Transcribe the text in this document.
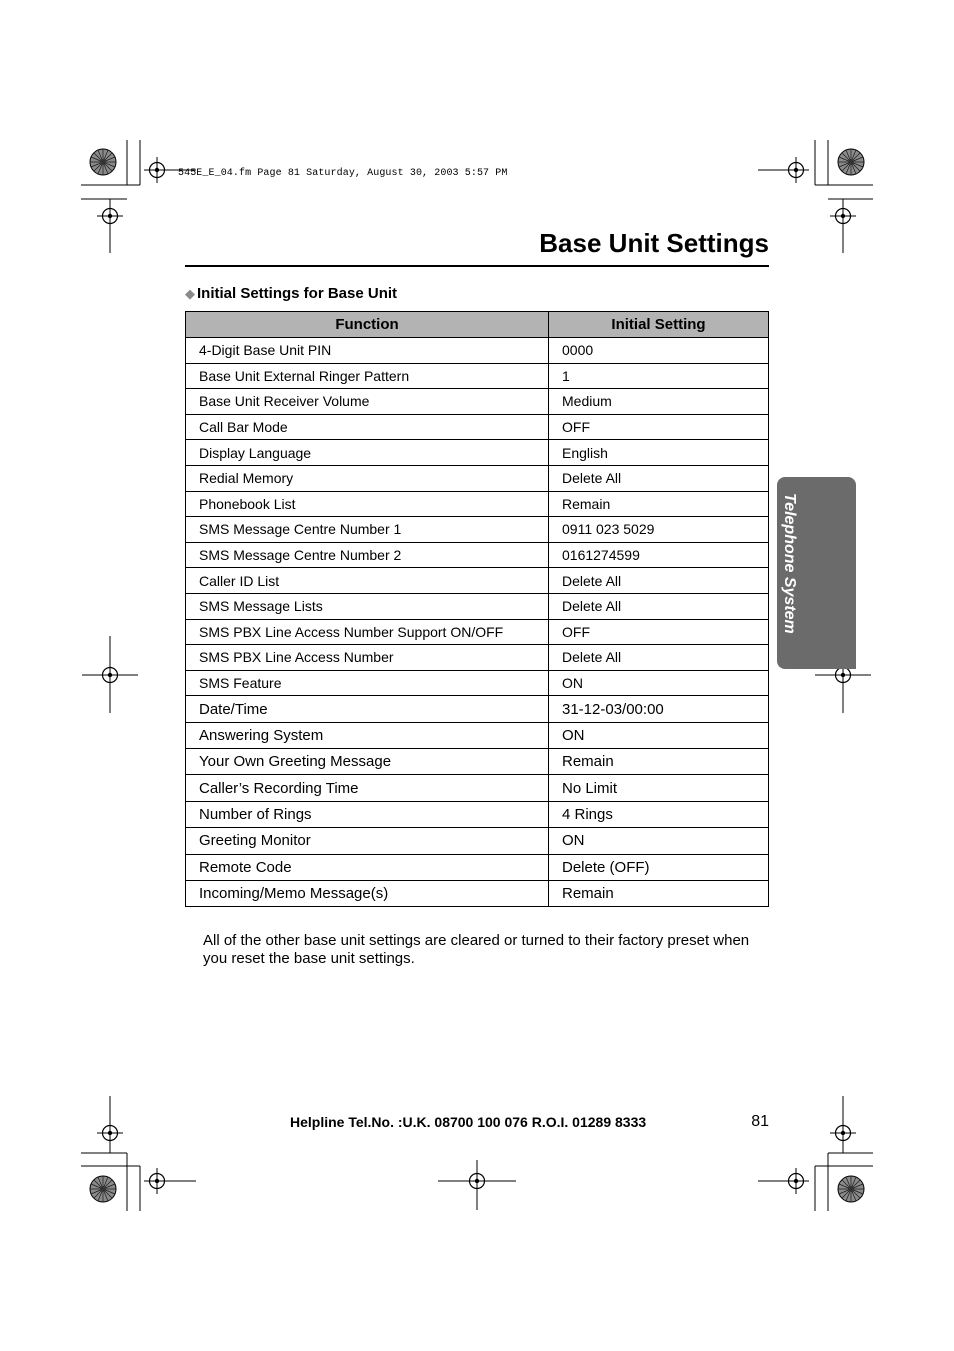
545E_E_04.fm Page 81 Saturday, August 30, 2003 5:57 PM
Base Unit Settings
◆ Initial Settings for Base Unit
Function	Initial Setting
4-Digit Base Unit PIN	0000
Base Unit External Ringer Pattern	1
Base Unit Receiver Volume	Medium
Call Bar Mode	OFF
Display Language	English
Redial Memory	Delete All
Phonebook List	Remain
SMS Message Centre Number 1	0911 023 5029
SMS Message Centre Number 2	0161274599
Caller ID List	Delete All
SMS Message Lists	Delete All
SMS PBX Line Access Number Support ON/OFF	OFF
SMS PBX Line Access Number	Delete All
SMS Feature	ON
Date/Time	31-12-03/00:00
Answering System	ON
Your Own Greeting Message	Remain
Caller’s Recording Time	No Limit
Number of Rings	4 Rings
Greeting Monitor	ON
Remote Code	Delete (OFF)
Incoming/Memo Message(s)	Remain

All of the other base unit settings are cleared or turned to their factory preset when you reset the base unit settings.

Telephone System
Helpline Tel.No. :U.K. 08700 100 076 R.O.I. 01289 8333	81
